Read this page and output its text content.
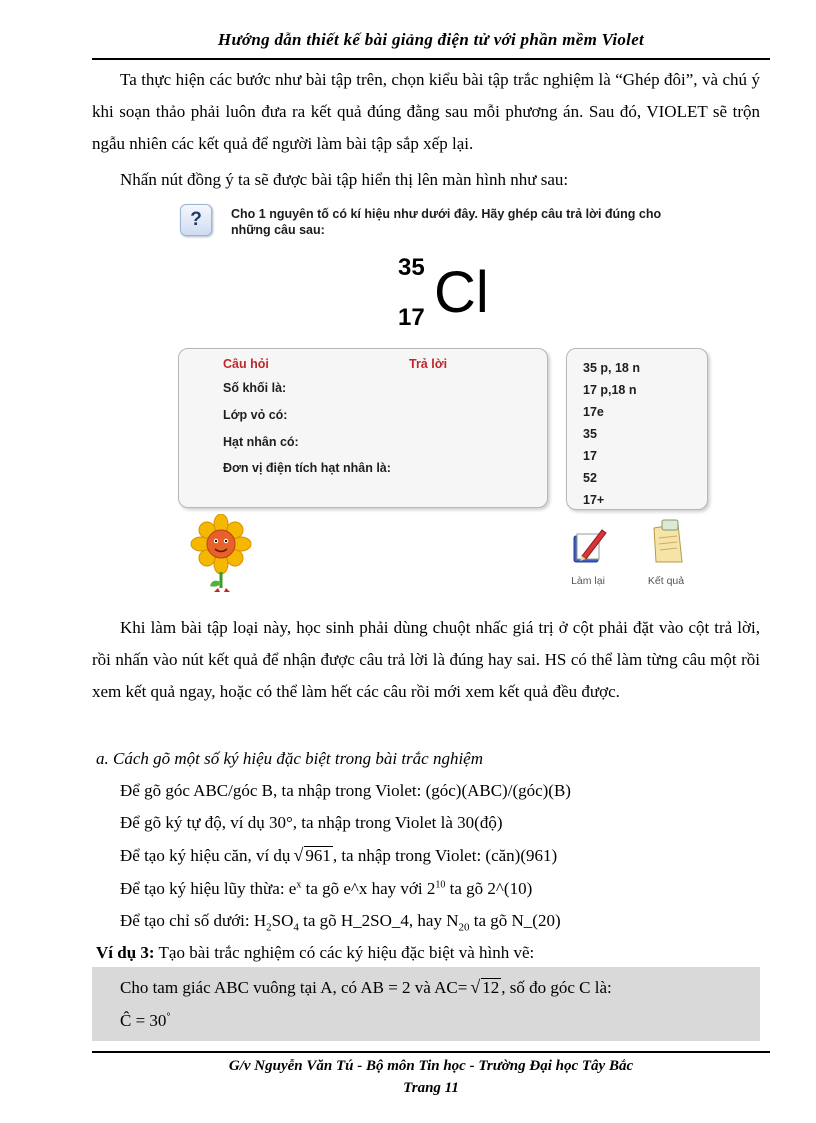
Hướng dẫn thiết kế bài giảng điện tử với phần mềm Violet
Ta thực hiện các bước như bài tập trên, chọn kiểu bài tập trắc nghiệm là “Ghép đôi”, và chú ý khi soạn thảo phải luôn đưa ra kết quả đúng đằng sau mỗi phương án. Sau đó, VIOLET sẽ trộn ngẫu nhiên các kết quả để người làm bài tập sắp xếp lại.
Nhấn nút đồng ý ta sẽ được bài tập hiển thị lên màn hình như sau:
?	Cho 1 nguyên tố có kí hiệu như dưới đây. Hãy ghép câu trả lời đúng cho những câu sau:
35
17 Cl
Câu hỏi	Trả lời
Số khối là:
Lớp vỏ có:
Hạt nhân có:
Đơn vị điện tích hạt nhân là:
35 p, 18 n
17 p,18 n
17e
35
17
52
17+
Làm lại	Kết quả
Khi làm bài tập loại này, học sinh phải dùng chuột nhấc giá trị ở cột phải đặt vào cột trả lời, rồi nhấn vào nút kết quả để nhận được câu trả lời là đúng hay sai. HS có thể làm từng câu một rồi xem kết quả ngay, hoặc có thể làm hết các câu rồi mới xem kết quả đều được.
a. Cách gõ một số ký hiệu đặc biệt trong bài trắc nghiệm
Để gõ góc ABC/góc B, ta nhập trong Violet: (góc)(ABC)/(góc)(B)
Để gõ ký tự độ, ví dụ 30°, ta nhập trong Violet là 30(độ)
Để tạo ký hiệu căn, ví dụ √ 961 , ta nhập trong Violet: (căn)(961)
Để tạo ký hiệu lũy thừa: $e^x$ ta gõ e^x hay với $2^{10}$ ta gõ 2^(10)
Để tạo chỉ số dưới: $H_2SO_4$ ta gõ H_2SO_4, hay $N_{20}$ ta gõ N_(20)
Ví dụ 3: Tạo bài trắc nghiệm có các ký hiệu đặc biệt và hình vẽ:
Cho tam giác ABC vuông tại A, có AB = 2 và AC= √ 12 , số đo góc C là:
Ĉ = 30°
G/v Nguyễn Văn Tú - Bộ môn Tin học - Trường Đại học Tây Bắc
Trang 11
